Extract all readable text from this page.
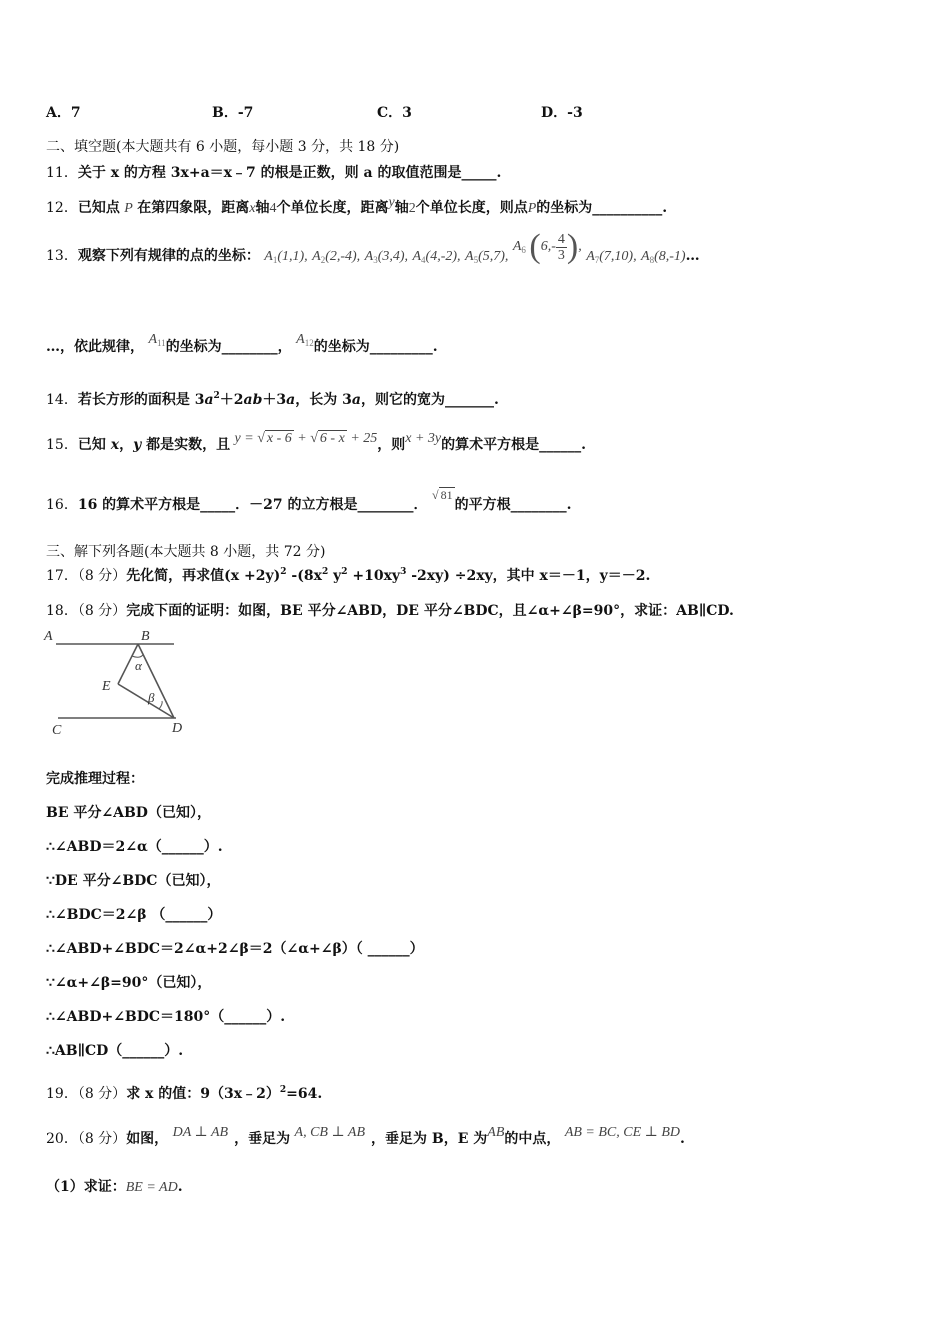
A．7	B．-7	C．3	D．-3
二、填空题(本大题共有 6 小题，每小题 3 分，共 18 分)
11．关于 x 的方程 3x+a＝x﹣7 的根是正数，则 a 的取值范围是_____.
12．已知点 P 在第四象限，距离x轴4个单位长度，距离y轴2个单位长度，则点P的坐标为__________.
13．观察下列有规律的点的坐标： $A_1(1,1)$, $A_2(2,‐4)$, $A_3(3,4)$, $A_4(4,‐2)$, $A_5(5,7)$, $A_6$ (6,‐ $\frac{4}{3}$ ), $A_7(7,10)$, $A_8(8,‐1)\dots$
…，依此规律， $A_{11}$的坐标为________， $A_{12}$的坐标为_________.
14．若长方形的面积是 $3a^2+2ab+3a$，长为 3a，则它的宽为_______.
15．已知 x，y 都是实数，且 y = √ x ‐ 6 + √ 6 ‐ x + 25，则x + 3y的算术平方根是______.
16．16 的算术平方根是_____．－27 的立方根是________． √ 81的平方根________.
三、解下列各题(本大题共 8 小题，共 72 分)
17．（8 分）先化简，再求值$(x +2y)^2$ $-(8x^2$ $y^2 +10xy^3$ -2xy) ÷2xy，其中 x＝－1，y＝－2.
18．（8 分）完成下面的证明：如图，BE 平分∠ABD，DE 平分∠BDC，且∠α+∠β=90°，求证：AB∥CD.
A	B
E
C	D
α
β
完成推理过程：
BE 平分∠ABD（已知），
∴∠ABD＝2∠α（______）.
∵DE 平分∠BDC（已知），
∴∠BDC＝2∠β （______）
∴∠ABD+∠BDC＝2∠α+2∠β＝2（∠α+∠β）（ ______）
∵∠α+∠β=90°（已知），
∴∠ABD+∠BDC＝180°（______）.
∴AB∥CD（______）.
19．（8 分）求 x 的值：9（3x﹣2）$^2$=64.
20．（8 分）如图， DA ⊥ AB ，垂足为 A, CB ⊥ AB ，垂足为 B，E 为AB的中点， AB = BC, CE ⊥ BD.
（1）求证：BE = AD.
